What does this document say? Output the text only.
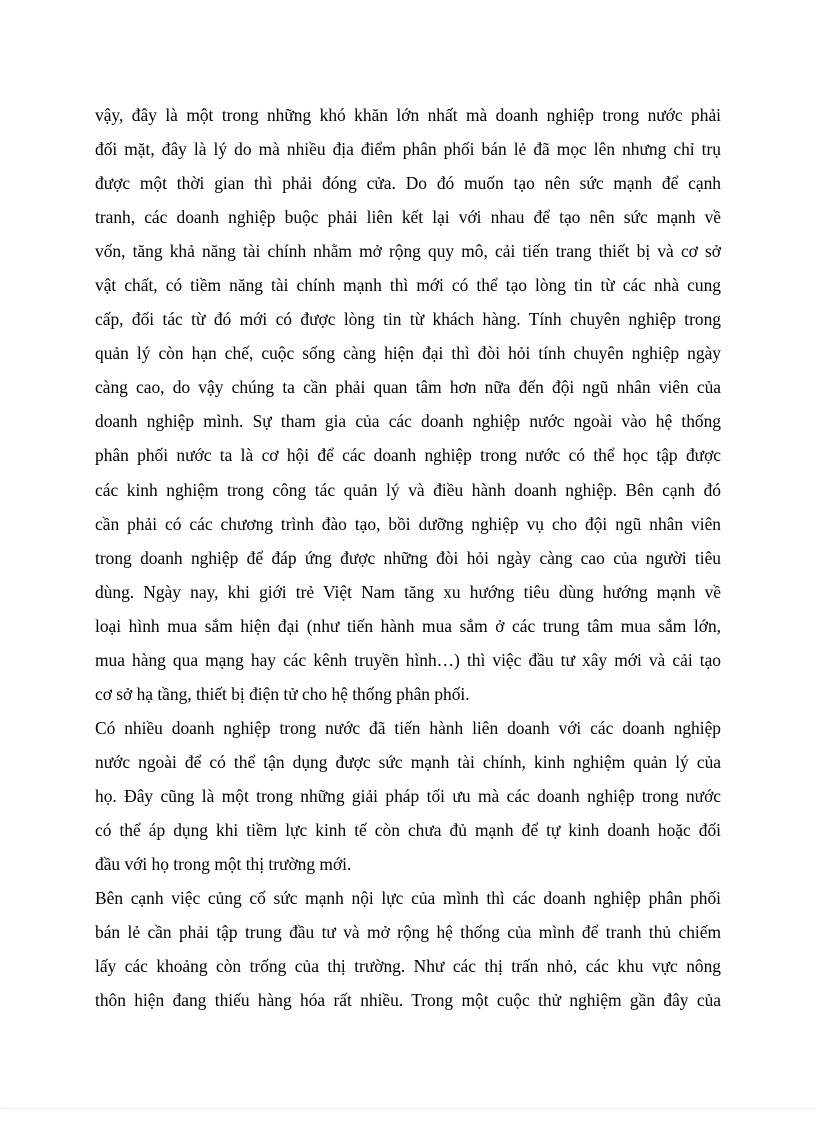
vậy, đây là một trong những khó khăn lớn nhất mà doanh nghiệp trong nước phải
đối mặt, đây là lý do mà nhiều địa điểm phân phối bán lẻ đã mọc lên nhưng chỉ trụ
được một thời gian thì phải đóng cửa. Do đó muốn tạo nên sức mạnh để cạnh
tranh, các doanh nghiệp buộc phải liên kết lại với nhau để tạo nên sức mạnh về
vốn, tăng khả năng tài chính nhằm mở rộng quy mô, cải tiến trang thiết bị và cơ sở
vật chất, có tiềm năng tài chính mạnh thì mới có thể tạo lòng tin từ các nhà cung
cấp, đối tác từ đó mới có được lòng tin từ khách hàng. Tính chuyên nghiệp trong
quản lý còn hạn chế, cuộc sống càng hiện đại thì đòi hỏi tính chuyên nghiệp ngày
càng cao, do vậy chúng ta cần phải quan tâm hơn nữa đến đội ngũ nhân viên của
doanh nghiệp mình. Sự tham gia của các doanh nghiệp nước ngoài vào hệ thống
phân phối nước ta là cơ hội để các doanh nghiệp trong nước có thể học tập được
các kinh nghiệm trong công tác quản lý và điều hành doanh nghiệp. Bên cạnh đó
cần phải có các chương trình đào tạo, bồi dưỡng nghiệp vụ cho đội ngũ nhân viên
trong doanh nghiệp để đáp ứng được những đòi hỏi ngày càng cao của người tiêu
dùng. Ngày nay, khi giới trẻ Việt Nam tăng xu hướng tiêu dùng hướng mạnh về
loại hình mua sắm hiện đại (như tiến hành mua sắm ở các trung tâm mua sắm lớn,
mua hàng qua mạng hay các kênh truyền hình…) thì việc đầu tư xây mới và cải tạo
cơ sở hạ tầng, thiết bị điện tử cho hệ thống phân phối.
Có nhiều doanh nghiệp trong nước đã tiến hành liên doanh với các doanh nghiệp
nước ngoài để có thể tận dụng được sức mạnh tài chính, kinh nghiệm quản lý của
họ. Đây cũng là một trong những giải pháp tối ưu mà các doanh nghiệp trong nước
có thể áp dụng khi tiềm lực kinh tế còn chưa đủ mạnh để tự kinh doanh hoặc đối
đầu với họ trong một thị trường mới.
Bên cạnh việc củng cố sức mạnh nội lực của mình thì các doanh nghiệp phân phối
bán lẻ cần phải tập trung đầu tư và mở rộng hệ thống của mình để tranh thủ chiếm
lấy các khoảng còn trống của thị trường. Như các thị trấn nhỏ, các khu vực nông
thôn hiện đang thiếu hàng hóa rất nhiều. Trong một cuộc thử nghiệm gần đây của
